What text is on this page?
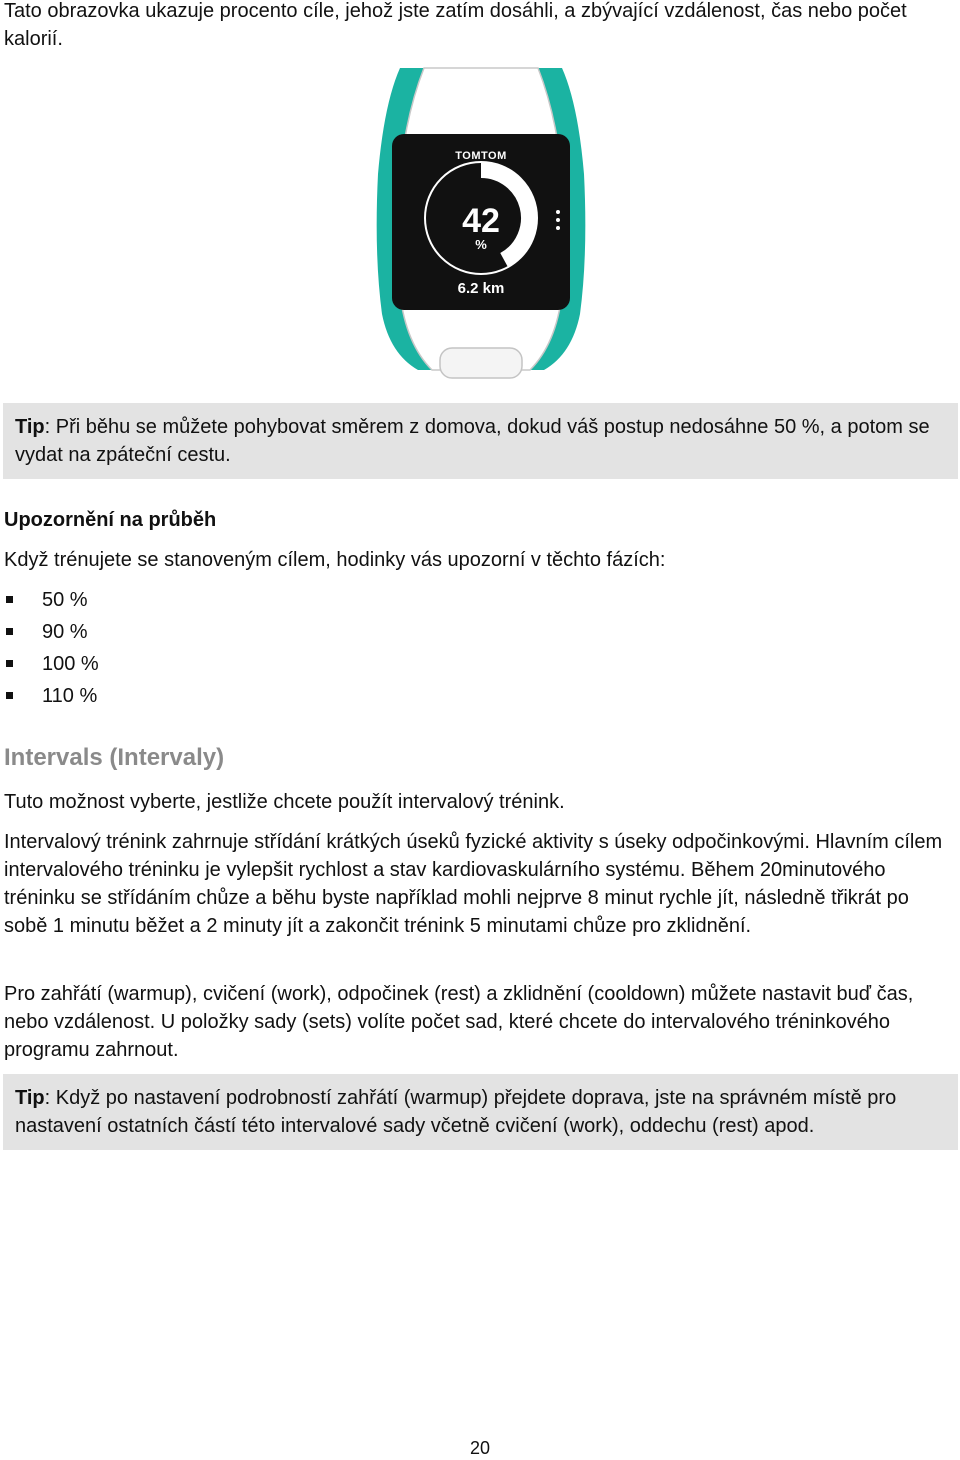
Tato obrazovka ukazuje procento cíle, jehož jste zatím dosáhli, a zbývající vzdálenost, čas nebo počet kalorií.

TOMTOM
42
%
6.2 km
Tip: Při běhu se můžete pohybovat směrem z domova, dokud váš postup nedosáhne 50 %, a potom se vydat na zpáteční cestu.

Upozornění na průběh

Když trénujete se stanoveným cílem, hodinky vás upozorní v těchto fázích:

50 %
90 %
100 %
110 %
Intervals (Intervaly)

Tuto možnost vyberte, jestliže chcete použít intervalový trénink.

Intervalový trénink zahrnuje střídání krátkých úseků fyzické aktivity s úseky odpočinkovými. Hlavním cílem intervalového tréninku je vylepšit rychlost a stav kardiovaskulárního systému. Během 20minutového tréninku se střídáním chůze a běhu byste například mohli nejprve 8 minut rychle jít, následně třikrát po sobě 1 minutu běžet a 2 minuty jít a zakončit trénink 5 minutami chůze pro zklidnění.

Pro zahřátí (warmup), cvičení (work), odpočinek (rest) a zklidnění (cooldown) můžete nastavit buď čas, nebo vzdálenost. U položky sady (sets) volíte počet sad, které chcete do intervalového tréninkového programu zahrnout.

Tip: Když po nastavení podrobností zahřátí (warmup) přejdete doprava, jste na správném místě pro nastavení ostatních částí této intervalové sady včetně cvičení (work), oddechu (rest) apod.
20
